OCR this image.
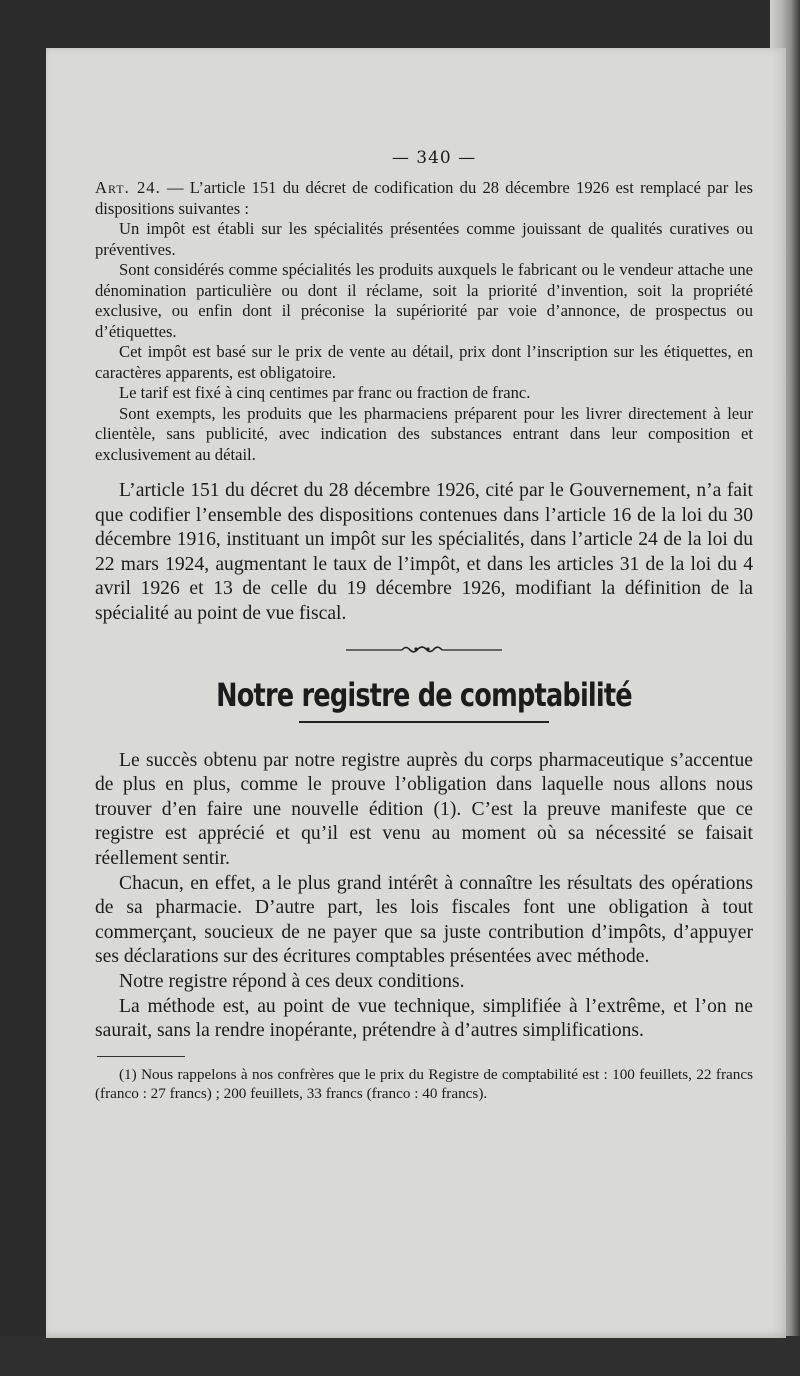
— 340 —

Art. 24. — L’article 151 du décret de codification du 28 décembre 1926 est remplacé par les dispositions suivantes :

Un impôt est établi sur les spécialités présentées comme jouissant de qualités curatives ou préventives.

Sont considérés comme spécialités les produits auxquels le fabricant ou le vendeur attache une dénomination particulière ou dont il réclame, soit la priorité d’invention, soit la propriété exclusive, ou enfin dont il préconise la supériorité par voie d’annonce, de prospectus ou d’étiquettes.

Cet impôt est basé sur le prix de vente au détail, prix dont l’inscription sur les étiquettes, en caractères apparents, est obligatoire.

Le tarif est fixé à cinq centimes par franc ou fraction de franc.

Sont exempts, les produits que les pharmaciens préparent pour les livrer directement à leur clientèle, sans publicité, avec indication des substances entrant dans leur composition et exclusivement au détail.

L’article 151 du décret du 28 décembre 1926, cité par le Gouvernement, n’a fait que codifier l’ensemble des dispositions contenues dans l’article 16 de la loi du 30 décembre 1916, instituant un impôt sur les spécialités, dans l’article 24 de la loi du 22 mars 1924, augmentant le taux de l’impôt, et dans les articles 31 de la loi du 4 avril 1926 et 13 de celle du 19 décembre 1926, modifiant la définition de la spécialité au point de vue fiscal.

Notre registre de comptabilité

Le succès obtenu par notre registre auprès du corps pharmaceutique s’accentue de plus en plus, comme le prouve l’obligation dans laquelle nous allons nous trouver d’en faire une nouvelle édition (1). C’est la preuve manifeste que ce registre est apprécié et qu’il est venu au moment où sa nécessité se faisait réellement sentir.

Chacun, en effet, a le plus grand intérêt à connaître les résultats des opérations de sa pharmacie. D’autre part, les lois fiscales font une obligation à tout commerçant, soucieux de ne payer que sa juste contribution d’impôts, d’appuyer ses déclarations sur des écritures comptables présentées avec méthode.

Notre registre répond à ces deux conditions.

La méthode est, au point de vue technique, simplifiée à l’extrême, et l’on ne saurait, sans la rendre inopérante, prétendre à d’autres simplifications.

(1) Nous rappelons à nos confrères que le prix du Registre de comptabilité est : 100 feuillets, 22 francs (franco : 27 francs) ; 200 feuillets, 33 francs (franco : 40 francs).
